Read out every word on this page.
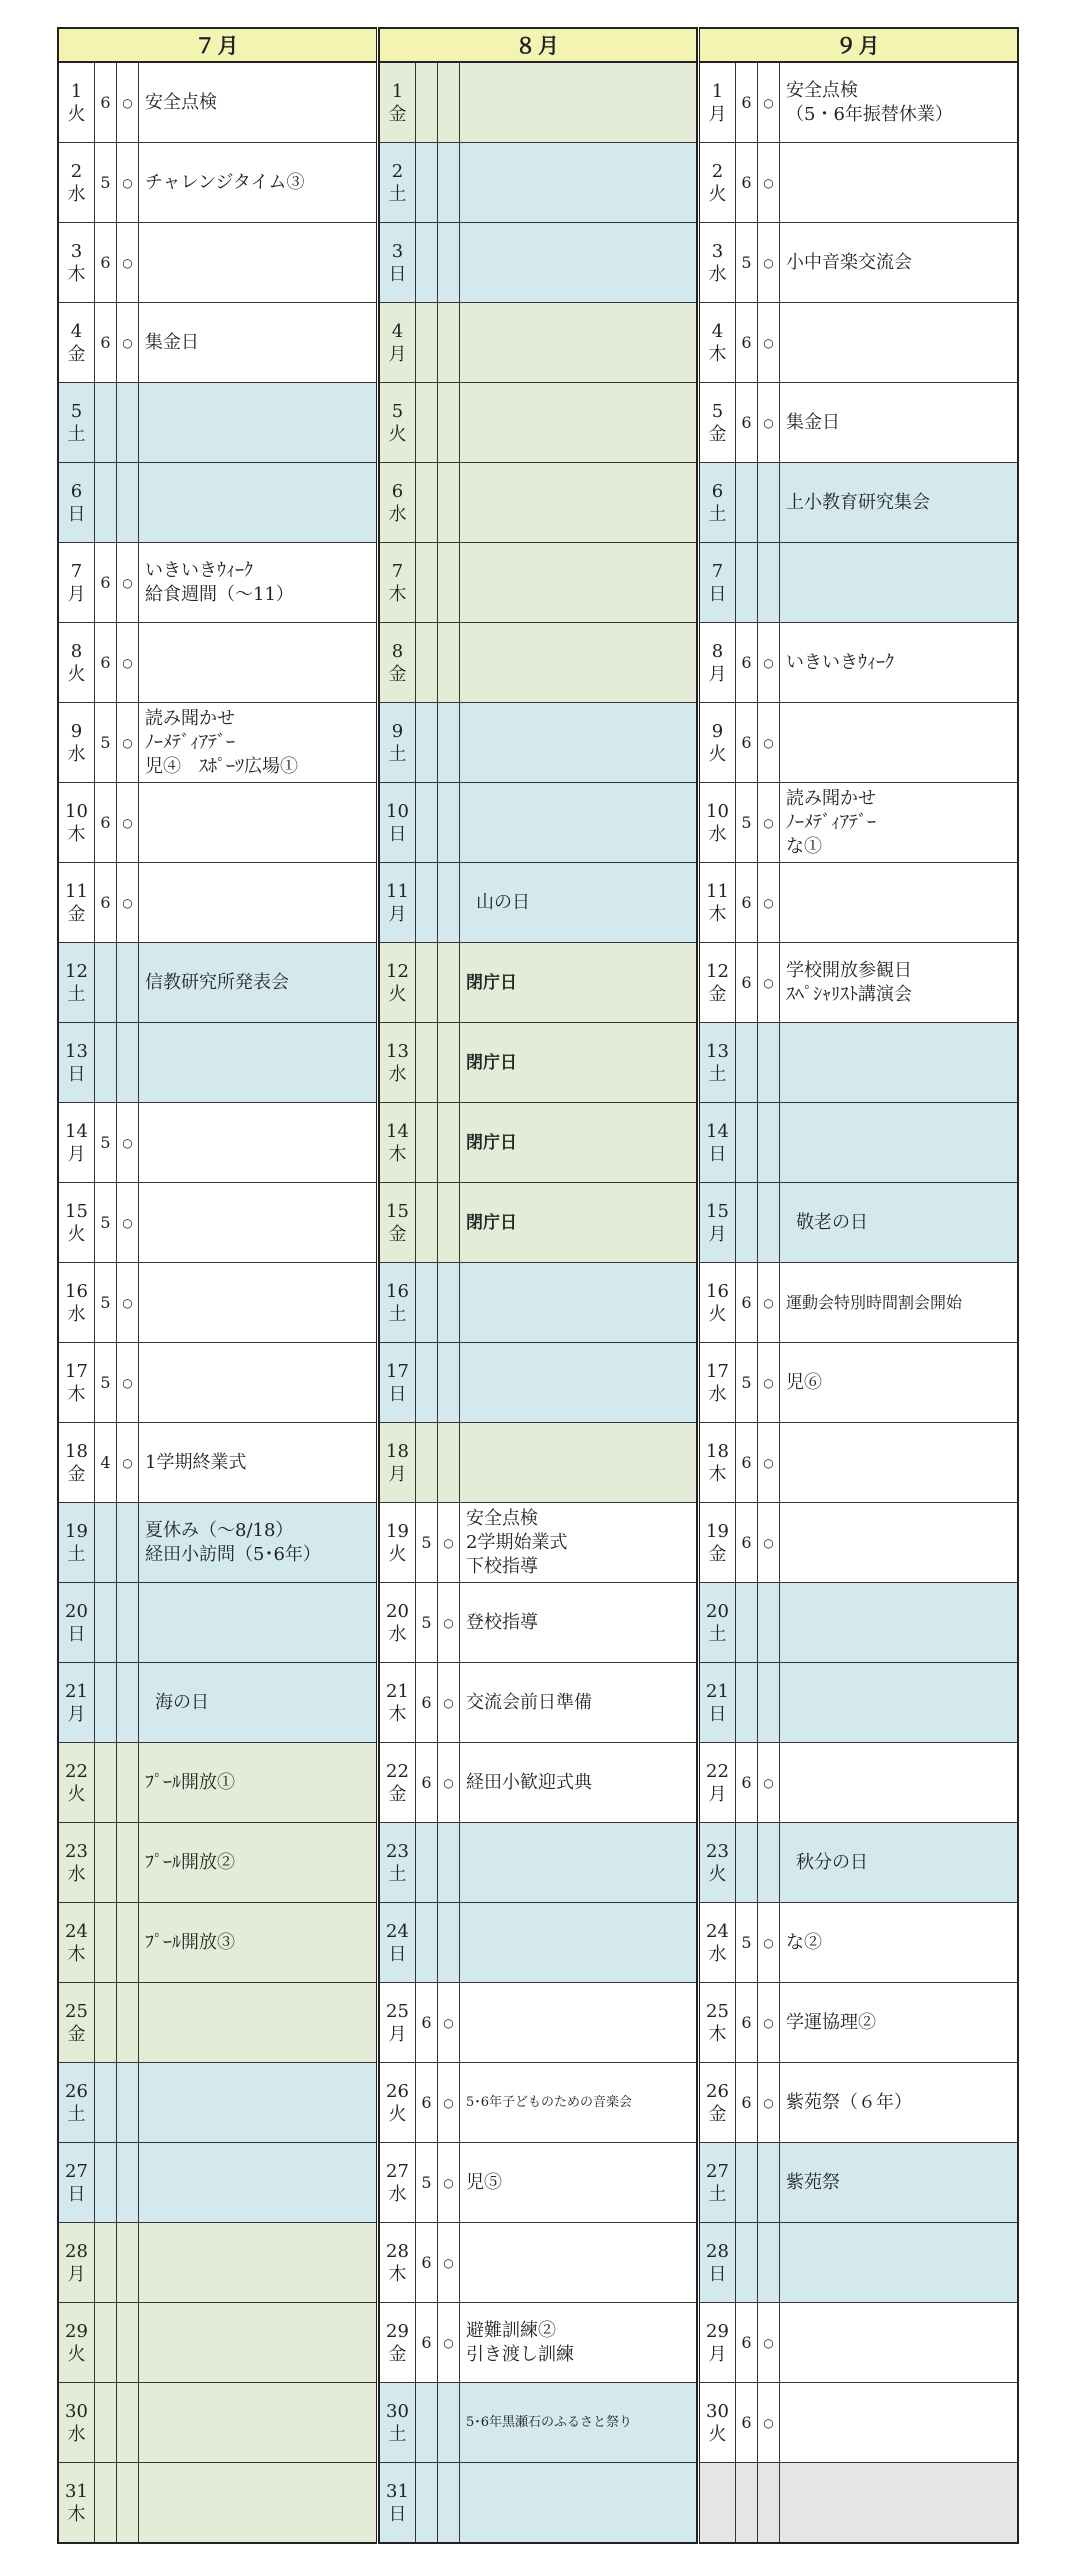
７月
1
火
6 ○ 安全点検
2
水
5 ○ チャレンジタイム③
3
木
6 ○
4
金
6 ○ 集金日
5
土
6
日
7
月
6 ○
いきいきｳｨｰｸ
給食週間（～11）
8
火
6 ○
9
水
5 ○
読み聞かせ
ﾉｰﾒﾃﾞｨｱﾃﾞｰ
児④　ｽﾎﾟｰﾂ広場①
10
木
6 ○
11
金
6 ○
12
土
信教研究所発表会
13
日
14
月
5 ○
15
火
5 ○
16
水
5 ○
17
木
5 ○
18
金
4 ○ 1学期終業式
19
土
夏休み（～8/18）
経田小訪問（5･6年）
20
日
21
月
海の日
22
火
ﾌﾟｰﾙ開放①
23
水
ﾌﾟｰﾙ開放②
24
木
ﾌﾟｰﾙ開放③
25
金
26
土
27
日
28
月
29
火
30
水
31
木
８月
1
金
2
土
3
日
4
月
5
火
6
水
7
木
8
金
9
土
10
日
11
月
山の日
12
火
閉庁日
13
水
閉庁日
14
木
閉庁日
15
金
閉庁日
16
土
17
日
18
月
19
火
5 ○
安全点検
2学期始業式
下校指導
20
水
5 ○ 登校指導
21
木
6 ○ 交流会前日準備
22
金
6 ○ 経田小歓迎式典
23
土
24
日
25
月
6 ○
26
火
6 ○ 5･6年子どものための音楽会
27
水
5 ○ 児⑤
28
木
6 ○
29
金
6 ○
避難訓練②
引き渡し訓練
30
土
5･6年黒瀬石のふるさと祭り
31
日
９月
1
月
6 ○
安全点検
（5・6年振替休業）
2
火
6 ○
3
水
5 ○ 小中音楽交流会
4
木
6 ○
5
金
6 ○ 集金日
6
土
上小教育研究集会
7
日
8
月
6 ○ いきいきｳｨｰｸ
9
火
6 ○
10
水
5 ○
読み聞かせ
ﾉｰﾒﾃﾞｨｱﾃﾞｰ
な①
11
木
6 ○
12
金
6 ○
学校開放参観日
ｽﾍﾟｼｬﾘｽﾄ講演会
13
土
14
日
15
月
敬老の日
16
火
6 ○ 運動会特別時間割会開始
17
水
5 ○ 児⑥
18
木
6 ○
19
金
6 ○
20
土
21
日
22
月
6 ○
23
火
秋分の日
24
水
5 ○ な②
25
木
6 ○ 学運協理②
26
金
6 ○ 紫苑祭（６年）
27
土
紫苑祭
28
日
29
月
6 ○
30
火
6 ○
